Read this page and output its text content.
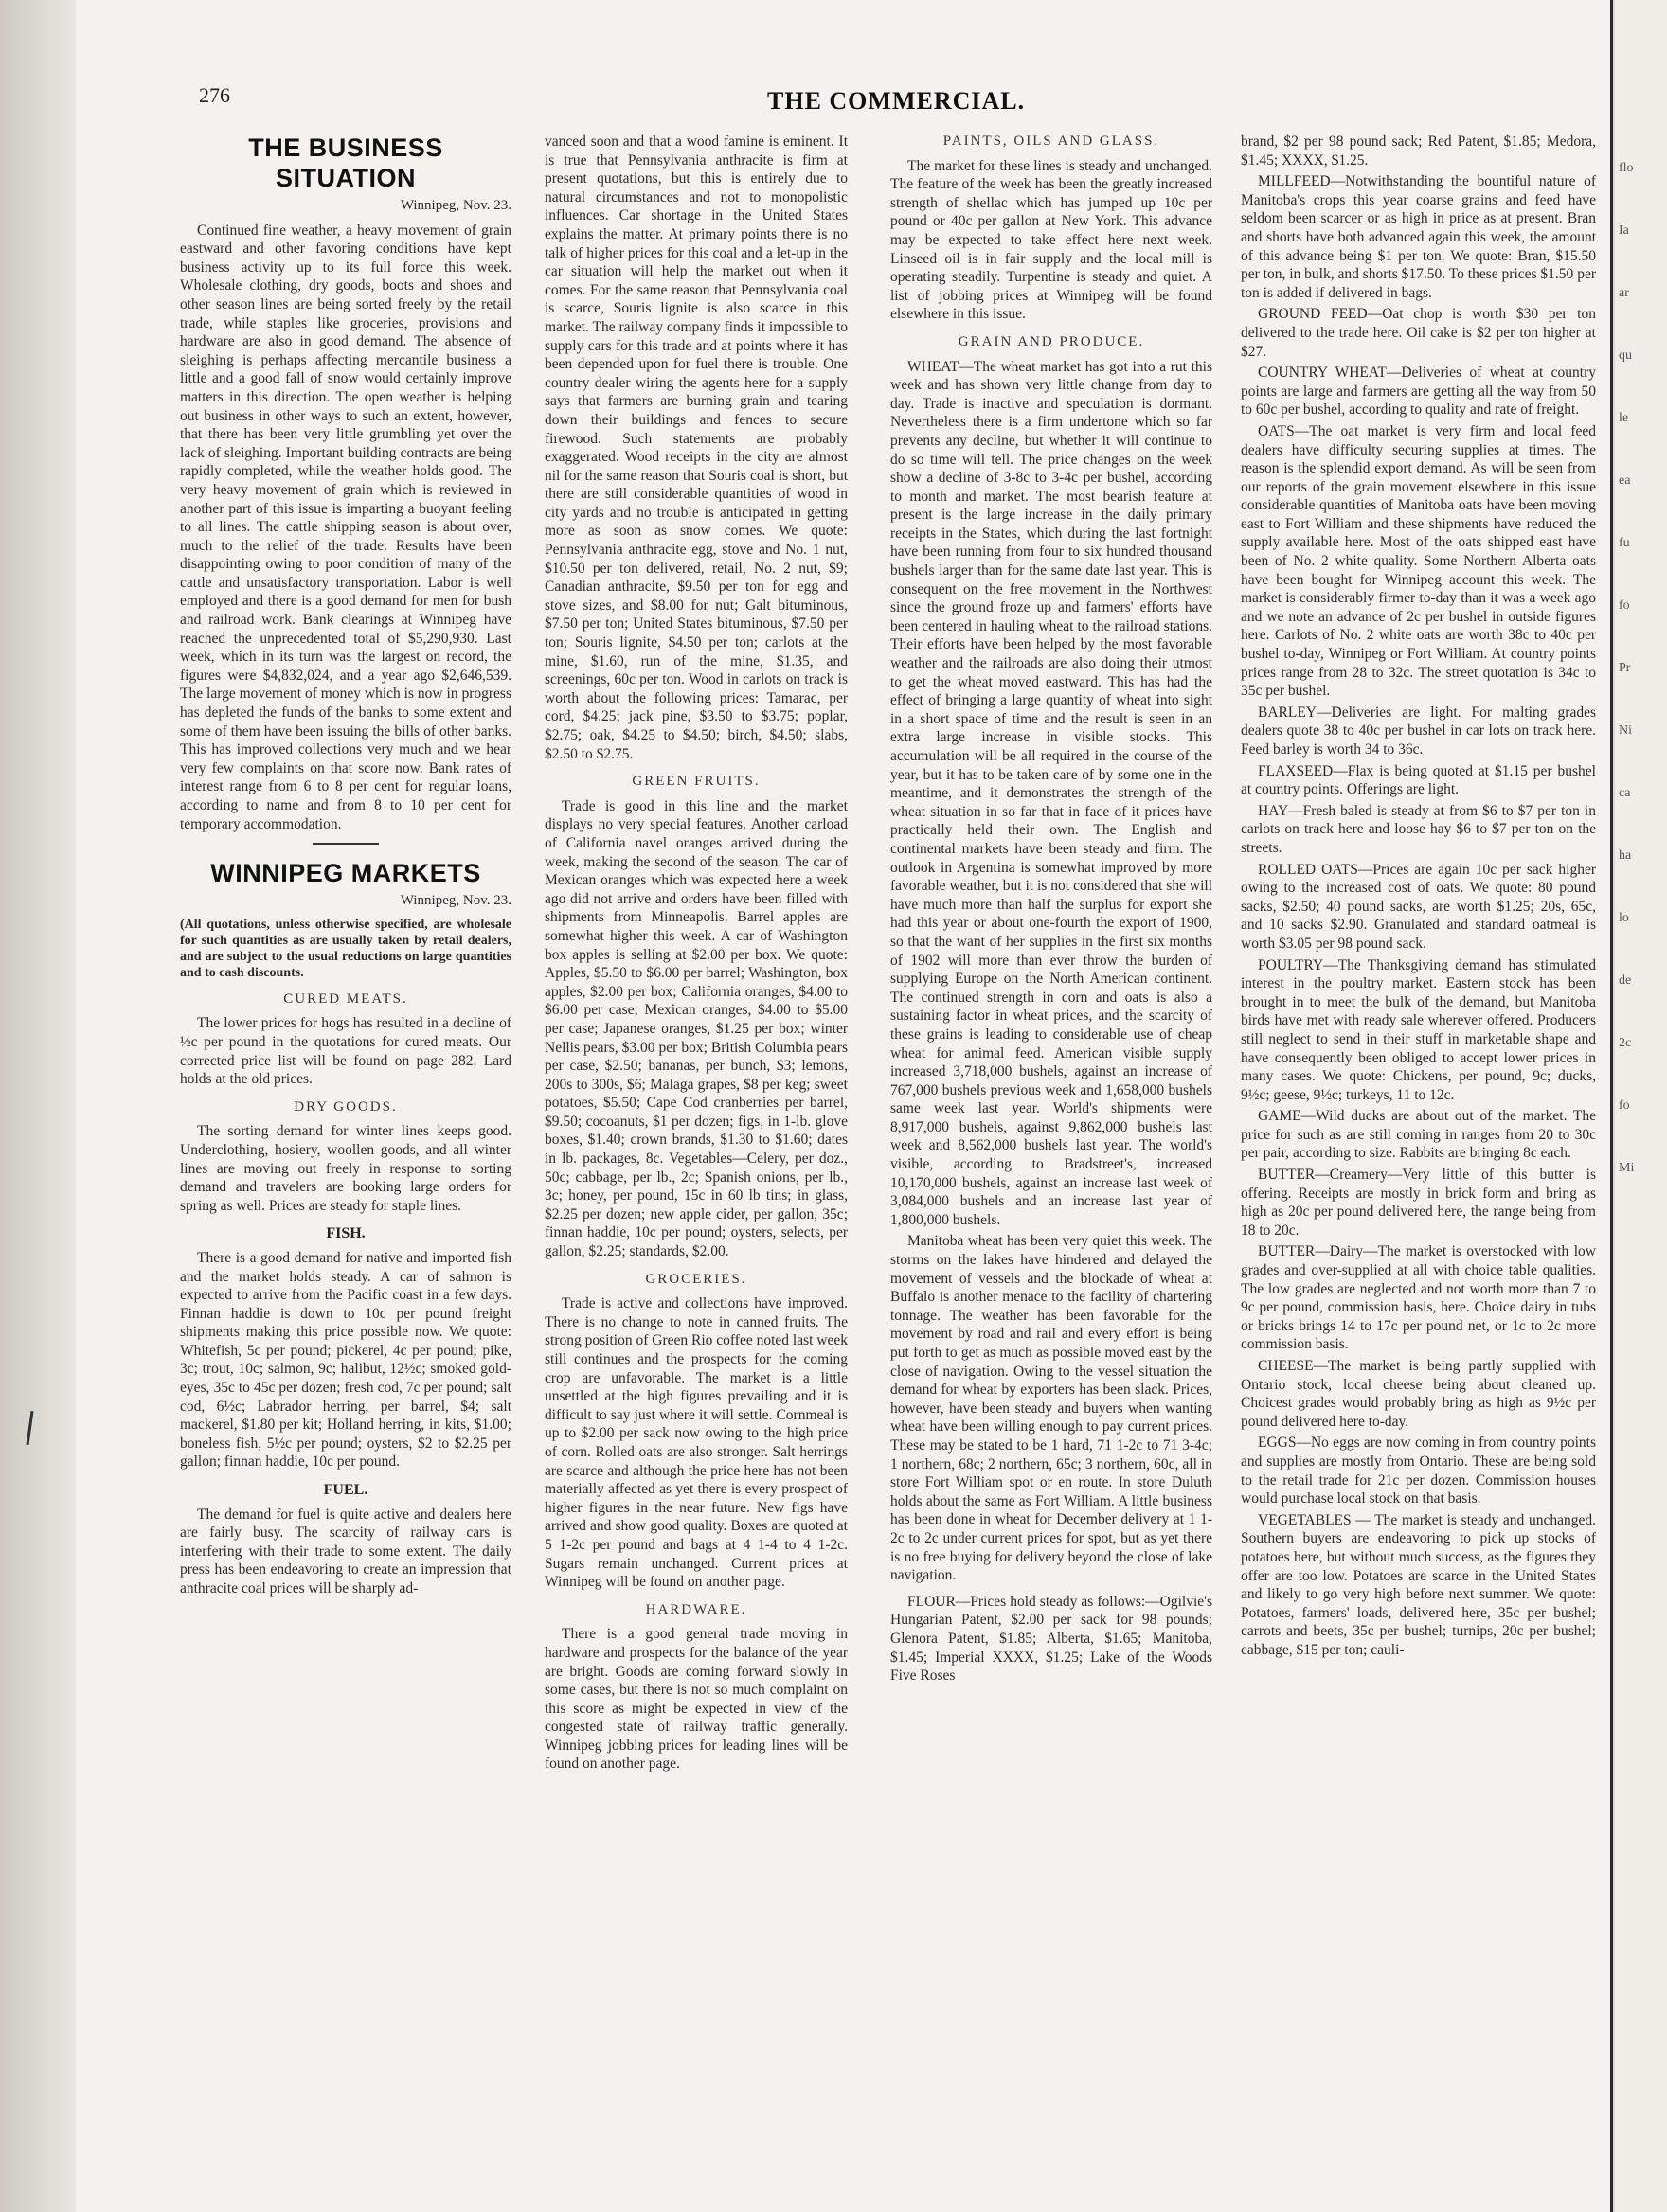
276	THE COMMERCIAL.
flo
Ia
ar
qu
le
ea
fu
fo
Pr
Ni
ca
ha
lo
de
2c
fo
Mi
THE BUSINESS SITUATION
Winnipeg, Nov. 23.

Continued fine weather, a heavy movement of grain eastward and other favoring conditions have kept business activity up to its full force this week. Wholesale clothing, dry goods, boots and shoes and other season lines are being sorted freely by the retail trade, while staples like groceries, provisions and hardware are also in good demand. The absence of sleighing is perhaps affecting mercantile business a little and a good fall of snow would certainly improve matters in this direction. The open weather is helping out business in other ways to such an extent, however, that there has been very little grumbling yet over the lack of sleighing. Important building contracts are being rapidly completed, while the weather holds good. The very heavy movement of grain which is reviewed in another part of this issue is imparting a buoyant feeling to all lines. The cattle shipping season is about over, much to the relief of the trade. Results have been disappointing owing to poor condition of many of the cattle and unsatisfactory transportation. Labor is well employed and there is a good demand for men for bush and railroad work. Bank clearings at Winnipeg have reached the unprecedented total of $5,290,930. Last week, which in its turn was the largest on record, the figures were $4,832,024, and a year ago $2,646,539. The large movement of money which is now in progress has depleted the funds of the banks to some extent and some of them have been issuing the bills of other banks. This has improved collections very much and we hear very few complaints on that score now. Bank rates of interest range from 6 to 8 per cent for regular loans, according to name and from 8 to 10 per cent for temporary accommodation.

WINNIPEG MARKETS
Winnipeg, Nov. 23.
(All quotations, unless otherwise specified, are wholesale for such quantities as are usually taken by retail dealers, and are subject to the usual reductions on large quantities and to cash discounts.
CURED MEATS.

The lower prices for hogs has resulted in a decline of ½c per pound in the quotations for cured meats. Our corrected price list will be found on page 282. Lard holds at the old prices.

DRY GOODS.

The sorting demand for winter lines keeps good. Underclothing, hosiery, woollen goods, and all winter lines are moving out freely in response to sorting demand and travelers are booking large orders for spring as well. Prices are steady for staple lines.

FISH.

There is a good demand for native and imported fish and the market holds steady. A car of salmon is expected to arrive from the Pacific coast in a few days. Finnan haddie is down to 10c per pound freight shipments making this price possible now. We quote: Whitefish, 5c per pound; pickerel, 4c per pound; pike, 3c; trout, 10c; salmon, 9c; halibut, 12½c; smoked gold-eyes, 35c to 45c per dozen; fresh cod, 7c per pound; salt cod, 6½c; Labrador herring, per barrel, $4; salt mackerel, $1.80 per kit; Holland herring, in kits, $1.00; boneless fish, 5½c per pound; oysters, $2 to $2.25 per gallon; finnan haddie, 10c per pound.

FUEL.

The demand for fuel is quite active and dealers here are fairly busy. The scarcity of railway cars is interfering with their trade to some extent. The daily press has been endeavoring to create an impression that anthracite coal prices will be sharply ad-

vanced soon and that a wood famine is eminent. It is true that Pennsylvania anthracite is firm at present quotations, but this is entirely due to natural circumstances and not to monopolistic influences. Car shortage in the United States explains the matter. At primary points there is no talk of higher prices for this coal and a let-up in the car situation will help the market out when it comes. For the same reason that Pennsylvania coal is scarce, Souris lignite is also scarce in this market. The railway company finds it impossible to supply cars for this trade and at points where it has been depended upon for fuel there is trouble. One country dealer wiring the agents here for a supply says that farmers are burning grain and tearing down their buildings and fences to secure firewood. Such statements are probably exaggerated. Wood receipts in the city are almost nil for the same reason that Souris coal is short, but there are still considerable quantities of wood in city yards and no trouble is anticipated in getting more as soon as snow comes. We quote: Pennsylvania anthracite egg, stove and No. 1 nut, $10.50 per ton delivered, retail, No. 2 nut, $9; Canadian anthracite, $9.50 per ton for egg and stove sizes, and $8.00 for nut; Galt bituminous, $7.50 per ton; United States bituminous, $7.50 per ton; Souris lignite, $4.50 per ton; carlots at the mine, $1.60, run of the mine, $1.35, and screenings, 60c per ton. Wood in carlots on track is worth about the following prices: Tamarac, per cord, $4.25; jack pine, $3.50 to $3.75; poplar, $2.75; oak, $4.25 to $4.50; birch, $4.50; slabs, $2.50 to $2.75.

GREEN FRUITS.

Trade is good in this line and the market displays no very special features. Another carload of California navel oranges arrived during the week, making the second of the season. The car of Mexican oranges which was expected here a week ago did not arrive and orders have been filled with shipments from Minneapolis. Barrel apples are somewhat higher this week. A car of Washington box apples is selling at $2.00 per box. We quote: Apples, $5.50 to $6.00 per barrel; Washington, box apples, $2.00 per box; California oranges, $4.00 to $6.00 per case; Mexican oranges, $4.00 to $5.00 per case; Japanese oranges, $1.25 per box; winter Nellis pears, $3.00 per box; British Columbia pears per case, $2.50; bananas, per bunch, $3; lemons, 200s to 300s, $6; Malaga grapes, $8 per keg; sweet potatoes, $5.50; Cape Cod cranberries per barrel, $9.50; cocoanuts, $1 per dozen; figs, in 1-lb. glove boxes, $1.40; crown brands, $1.30 to $1.60; dates in lb. packages, 8c. Vegetables—Celery, per doz., 50c; cabbage, per lb., 2c; Spanish onions, per lb., 3c; honey, per pound, 15c in 60 lb tins; in glass, $2.25 per dozen; new apple cider, per gallon, 35c; finnan haddie, 10c per pound; oysters, selects, per gallon, $2.25; standards, $2.00.

GROCERIES.

Trade is active and collections have improved. There is no change to note in canned fruits. The strong position of Green Rio coffee noted last week still continues and the prospects for the coming crop are unfavorable. The market is a little unsettled at the high figures prevailing and it is difficult to say just where it will settle. Cornmeal is up to $2.00 per sack now owing to the high price of corn. Rolled oats are also stronger. Salt herrings are scarce and although the price here has not been materially affected as yet there is every prospect of higher figures in the near future. New figs have arrived and show good quality. Boxes are quoted at 5 1-2c per pound and bags at 4 1-4 to 4 1-2c. Sugars remain unchanged. Current prices at Winnipeg will be found on another page.

HARDWARE.

There is a good general trade moving in hardware and prospects for the balance of the year are bright. Goods are coming forward slowly in some cases, but there is not so much complaint on this score as might be expected in view of the congested state of railway traffic generally. Winnipeg jobbing prices for leading lines will be found on another page.

PAINTS, OILS AND GLASS.

The market for these lines is steady and unchanged. The feature of the week has been the greatly increased strength of shellac which has jumped up 10c per pound or 40c per gallon at New York. This advance may be expected to take effect here next week. Linseed oil is in fair supply and the local mill is operating steadily. Turpentine is steady and quiet. A list of jobbing prices at Winnipeg will be found elsewhere in this issue.

GRAIN AND PRODUCE.

WHEAT—The wheat market has got into a rut this week and has shown very little change from day to day. Trade is inactive and speculation is dormant. Nevertheless there is a firm undertone which so far prevents any decline, but whether it will continue to do so time will tell. The price changes on the week show a decline of 3-8c to 3-4c per bushel, according to month and market. The most bearish feature at present is the large increase in the daily primary receipts in the States, which during the last fortnight have been running from four to six hundred thousand bushels larger than for the same date last year. This is consequent on the free movement in the Northwest since the ground froze up and farmers' efforts have been centered in hauling wheat to the railroad stations. Their efforts have been helped by the most favorable weather and the railroads are also doing their utmost to get the wheat moved eastward. This has had the effect of bringing a large quantity of wheat into sight in a short space of time and the result is seen in an extra large increase in visible stocks. This accumulation will be all required in the course of the year, but it has to be taken care of by some one in the meantime, and it demonstrates the strength of the wheat situation in so far that in face of it prices have practically held their own. The English and continental markets have been steady and firm. The outlook in Argentina is somewhat improved by more favorable weather, but it is not considered that she will have much more than half the surplus for export she had this year or about one-fourth the export of 1900, so that the want of her supplies in the first six months of 1902 will more than ever throw the burden of supplying Europe on the North American continent. The continued strength in corn and oats is also a sustaining factor in wheat prices, and the scarcity of these grains is leading to considerable use of cheap wheat for animal feed. American visible supply increased 3,718,000 bushels, against an increase of 767,000 bushels previous week and 1,658,000 bushels same week last year. World's shipments were 8,917,000 bushels, against 9,862,000 bushels last week and 8,562,000 bushels last year. The world's visible, according to Bradstreet's, increased 10,170,000 bushels, against an increase last week of 3,084,000 bushels and an increase last year of 1,800,000 bushels.

Manitoba wheat has been very quiet this week. The storms on the lakes have hindered and delayed the movement of vessels and the blockade of wheat at Buffalo is another menace to the facility of chartering tonnage. The weather has been favorable for the movement by road and rail and every effort is being put forth to get as much as possible moved east by the close of navigation. Owing to the vessel situation the demand for wheat by exporters has been slack. Prices, however, have been steady and buyers when wanting wheat have been willing enough to pay current prices. These may be stated to be 1 hard, 71 1-2c to 71 3-4c; 1 northern, 68c; 2 northern, 65c; 3 northern, 60c, all in store Fort William spot or en route. In store Duluth holds about the same as Fort William. A little business has been done in wheat for December delivery at 1 1-2c to 2c under current prices for spot, but as yet there is no free buying for delivery beyond the close of lake navigation.

FLOUR—Prices hold steady as follows:—Ogilvie's Hungarian Patent, $2.00 per sack for 98 pounds; Glenora Patent, $1.85; Alberta, $1.65; Manitoba, $1.45; Imperial XXXX, $1.25; Lake of the Woods Five Roses

brand, $2 per 98 pound sack; Red Patent, $1.85; Medora, $1.45; XXXX, $1.25.

MILLFEED—Notwithstanding the bountiful nature of Manitoba's crops this year coarse grains and feed have seldom been scarcer or as high in price as at present. Bran and shorts have both advanced again this week, the amount of this advance being $1 per ton. We quote: Bran, $15.50 per ton, in bulk, and shorts $17.50. To these prices $1.50 per ton is added if delivered in bags.

GROUND FEED—Oat chop is worth $30 per ton delivered to the trade here. Oil cake is $2 per ton higher at $27.

COUNTRY WHEAT—Deliveries of wheat at country points are large and farmers are getting all the way from 50 to 60c per bushel, according to quality and rate of freight.

OATS—The oat market is very firm and local feed dealers have difficulty securing supplies at times. The reason is the splendid export demand. As will be seen from our reports of the grain movement elsewhere in this issue considerable quantities of Manitoba oats have been moving east to Fort William and these shipments have reduced the supply available here. Most of the oats shipped east have been of No. 2 white quality. Some Northern Alberta oats have been bought for Winnipeg account this week. The market is considerably firmer to-day than it was a week ago and we note an advance of 2c per bushel in outside figures here. Carlots of No. 2 white oats are worth 38c to 40c per bushel to-day, Winnipeg or Fort William. At country points prices range from 28 to 32c. The street quotation is 34c to 35c per bushel.

BARLEY—Deliveries are light. For malting grades dealers quote 38 to 40c per bushel in car lots on track here. Feed barley is worth 34 to 36c.

FLAXSEED—Flax is being quoted at $1.15 per bushel at country points. Offerings are light.

HAY—Fresh baled is steady at from $6 to $7 per ton in carlots on track here and loose hay $6 to $7 per ton on the streets.

ROLLED OATS—Prices are again 10c per sack higher owing to the increased cost of oats. We quote: 80 pound sacks, $2.50; 40 pound sacks, are worth $1.25; 20s, 65c, and 10 sacks $2.90. Granulated and standard oatmeal is worth $3.05 per 98 pound sack.

POULTRY—The Thanksgiving demand has stimulated interest in the poultry market. Eastern stock has been brought in to meet the bulk of the demand, but Manitoba birds have met with ready sale wherever offered. Producers still neglect to send in their stuff in marketable shape and have consequently been obliged to accept lower prices in many cases. We quote: Chickens, per pound, 9c; ducks, 9½c; geese, 9½c; turkeys, 11 to 12c.

GAME—Wild ducks are about out of the market. The price for such as are still coming in ranges from 20 to 30c per pair, according to size. Rabbits are bringing 8c each.

BUTTER—Creamery—Very little of this butter is offering. Receipts are mostly in brick form and bring as high as 20c per pound delivered here, the range being from 18 to 20c.

BUTTER—Dairy—The market is overstocked with low grades and over-supplied at all with choice table qualities. The low grades are neglected and not worth more than 7 to 9c per pound, commission basis, here. Choice dairy in tubs or bricks brings 14 to 17c per pound net, or 1c to 2c more commission basis.

CHEESE—The market is being partly supplied with Ontario stock, local cheese being about cleaned up. Choicest grades would probably bring as high as 9½c per pound delivered here to-day.

EGGS—No eggs are now coming in from country points and supplies are mostly from Ontario. These are being sold to the retail trade for 21c per dozen. Commission houses would purchase local stock on that basis.

VEGETABLES — The market is steady and unchanged. Southern buyers are endeavoring to pick up stocks of potatoes here, but without much success, as the figures they offer are too low. Potatoes are scarce in the United States and likely to go very high before next summer. We quote: Potatoes, farmers' loads, delivered here, 35c per bushel; carrots and beets, 35c per bushel; turnips, 20c per bushel; cabbage, $15 per ton; cauli-
